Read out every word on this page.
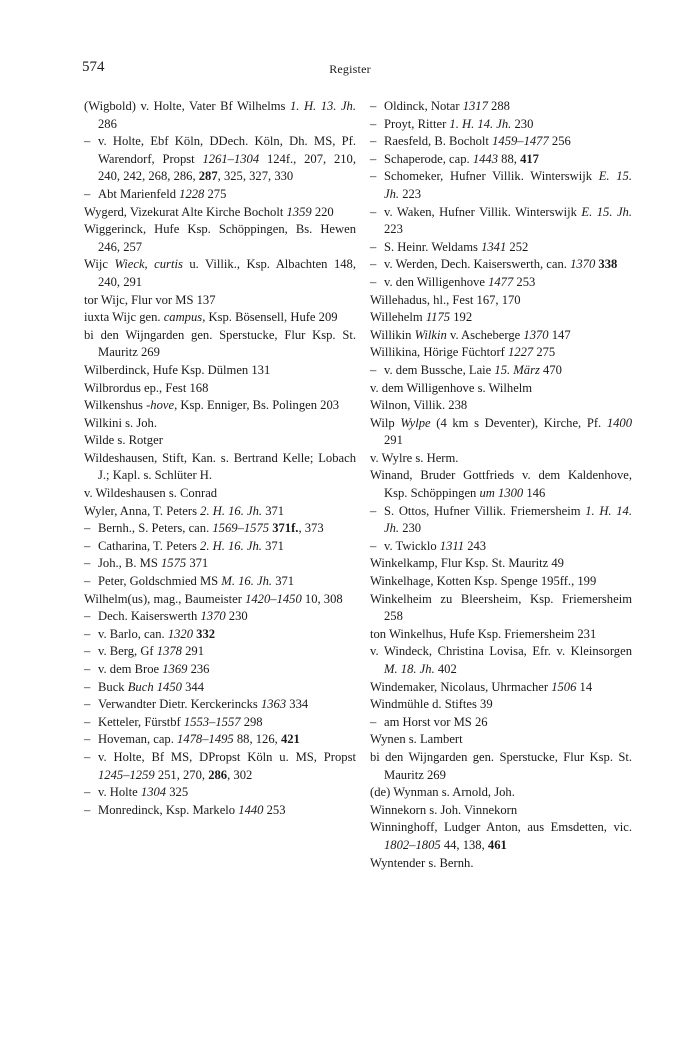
574	Register

(Wigbold) v. Holte, Vater Bf Wilhelms 1. H. 13. Jh. 286

– v. Holte, Ebf Köln, DDech. Köln, Dh. MS, Pf. Warendorf, Propst 1261–1304 124f., 207, 210, 240, 242, 268, 286, 287, 325, 327, 330

– Abt Marienfeld 1228 275

Wygerd, Vizekurat Alte Kirche Bocholt 1359 220

Wiggerinck, Hufe Ksp. Schöppingen, Bs. Hewen 246, 257

Wijc Wieck, curtis u. Villik., Ksp. Albachten 148, 240, 291

tor Wijc, Flur vor MS 137

iuxta Wijc gen. campus, Ksp. Bösensell, Hufe 209

bi den Wijngarden gen. Sperstucke, Flur Ksp. St. Mauritz 269

Wilberdinck, Hufe Ksp. Dülmen 131

Wilbrordus ep., Fest 168

Wilkenshus -hove, Ksp. Enniger, Bs. Polingen 203

Wilkini s. Joh.

Wilde s. Rotger

Wildeshausen, Stift, Kan. s. Bertrand Kelle; Lobach J.; Kapl. s. Schlüter H.

v. Wildeshausen s. Conrad

Wyler, Anna, T. Peters 2. H. 16. Jh. 371

– Bernh., S. Peters, can. 1569–1575 371f., 373

– Catharina, T. Peters 2. H. 16. Jh. 371

– Joh., B. MS 1575 371

– Peter, Goldschmied MS M. 16. Jh. 371

Wilhelm(us), mag., Baumeister 1420–1450 10, 308

– Dech. Kaiserswerth 1370 230

– v. Barlo, can. 1320 332

– v. Berg, Gf 1378 291

– v. dem Broe 1369 236

– Buck Buch 1450 344

– Verwandter Dietr. Kerckerincks 1363 334

– Ketteler, Fürstbf 1553–1557 298

– Hoveman, cap. 1478–1495 88, 126, 421

– v. Holte, Bf MS, DPropst Köln u. MS, Propst 1245–1259 251, 270, 286, 302

– v. Holte 1304 325

– Monredinck, Ksp. Markelo 1440 253

– Oldinck, Notar 1317 288

– Proyt, Ritter 1. H. 14. Jh. 230

– Raesfeld, B. Bocholt 1459–1477 256

– Schaperode, cap. 1443 88, 417

– Schomeker, Hufner Villik. Winterswijk E. 15. Jh. 223

– v. Waken, Hufner Villik. Winterswijk E. 15. Jh. 223

– S. Heinr. Weldams 1341 252

– v. Werden, Dech. Kaiserswerth, can. 1370 338

– v. den Willigenhove 1477 253

Willehadus, hl., Fest 167, 170

Willehelm 1175 192

Willikin Wilkin v. Ascheberge 1370 147

Willikina, Hörige Füchtorf 1227 275

– v. dem Bussche, Laie 15. März 470

v. dem Willigenhove s. Wilhelm

Wilnon, Villik. 238

Wilp Wylpe (4 km s Deventer), Kirche, Pf. 1400 291

v. Wylre s. Herm.

Winand, Bruder Gottfrieds v. dem Kaldenhove, Ksp. Schöppingen um 1300 146

– S. Ottos, Hufner Villik. Friemersheim 1. H. 14. Jh. 230

– v. Twicklo 1311 243

Winkelkamp, Flur Ksp. St. Mauritz 49

Winkelhage, Kotten Ksp. Spenge 195ff., 199

Winkelheim zu Bleersheim, Ksp. Friemersheim 258

ton Winkelhus, Hufe Ksp. Friemersheim 231

v. Windeck, Christina Lovisa, Efr. v. Kleinsorgen M. 18. Jh. 402

Windemaker, Nicolaus, Uhrmacher 1506 14

Windmühle d. Stiftes 39

– am Horst vor MS 26

Wynen s. Lambert

bi den Wijngarden gen. Sperstucke, Flur Ksp. St. Mauritz 269

(de) Wynman s. Arnold, Joh.

Winnekorn s. Joh. Vinnekorn

Winninghoff, Ludger Anton, aus Emsdetten, vic. 1802–1805 44, 138, 461

Wyntender s. Bernh.
